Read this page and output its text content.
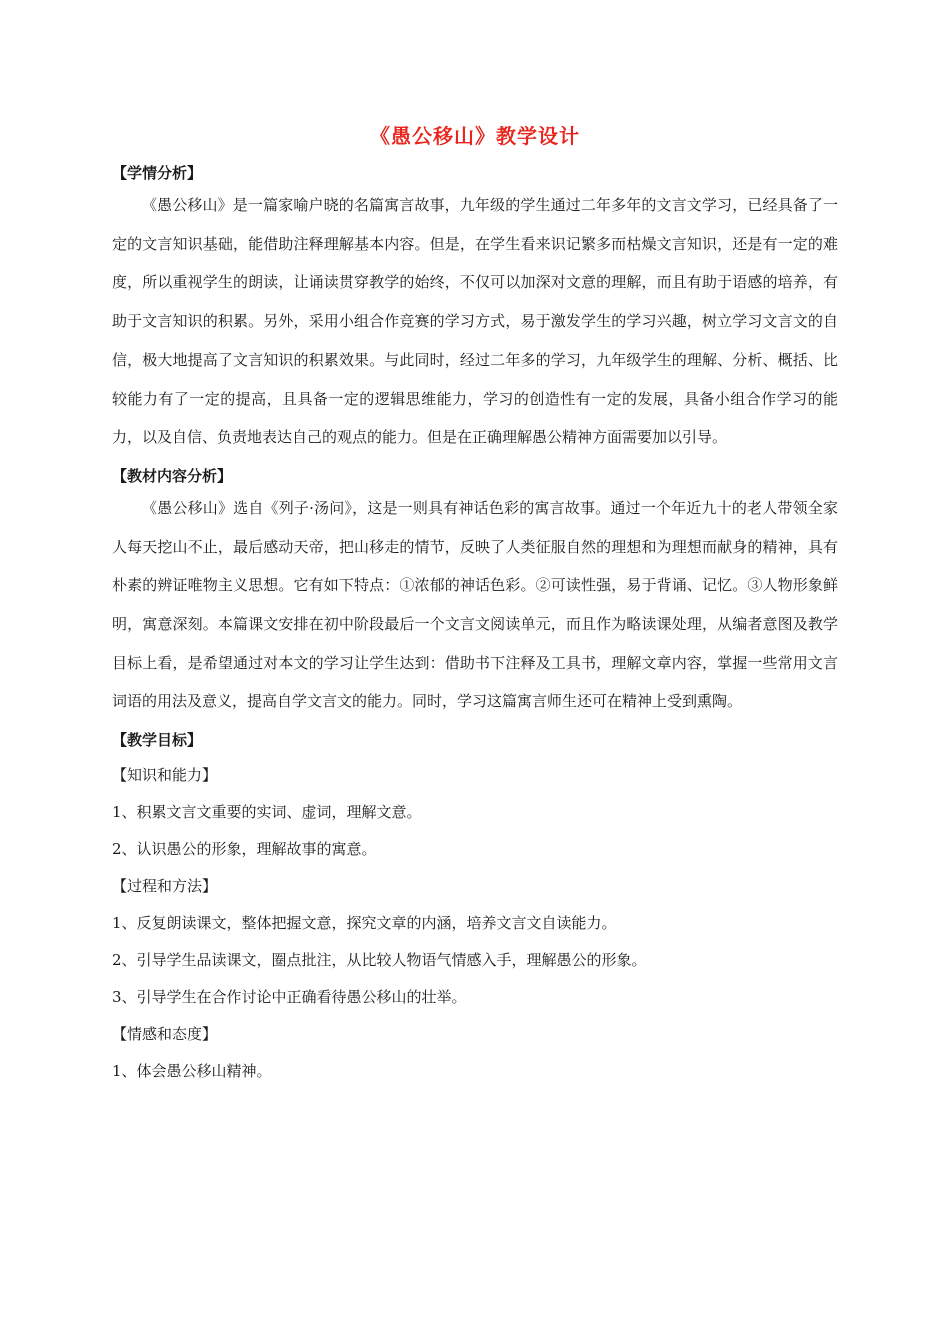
《愚公移山》教学设计
【学情分析】

《愚公移山》是一篇家喻户晓的名篇寓言故事，九年级的学生通过二年多年的文言文学习，已经具备了一定的文言知识基础，能借助注释理解基本内容。但是，在学生看来识记繁多而枯燥文言知识，还是有一定的难度，所以重视学生的朗读，让诵读贯穿教学的始终，不仅可以加深对文意的理解，而且有助于语感的培养，有助于文言知识的积累。另外，采用小组合作竞赛的学习方式，易于激发学生的学习兴趣，树立学习文言文的自信，极大地提高了文言知识的积累效果。与此同时，经过二年多的学习，九年级学生的理解、分析、概括、比较能力有了一定的提高，且具备一定的逻辑思维能力，学习的创造性有一定的发展，具备小组合作学习的能力，以及自信、负责地表达自己的观点的能力。但是在正确理解愚公精神方面需要加以引导。

【教材内容分析】

《愚公移山》选自《列子·汤问》，这是一则具有神话色彩的寓言故事。通过一个年近九十的老人带领全家人每天挖山不止，最后感动天帝，把山移走的情节，反映了人类征服自然的理想和为理想而献身的精神，具有朴素的辨证唯物主义思想。它有如下特点：①浓郁的神话色彩。②可读性强，易于背诵、记忆。③人物形象鲜明，寓意深刻。本篇课文安排在初中阶段最后一个文言文阅读单元，而且作为略读课处理，从编者意图及教学目标上看，是希望通过对本文的学习让学生达到：借助书下注释及工具书，理解文章内容，掌握一些常用文言词语的用法及意义，提高自学文言文的能力。同时，学习这篇寓言师生还可在精神上受到熏陶。

【教学目标】
【知识和能力】
1、积累文言文重要的实词、虚词，理解文意。
2、认识愚公的形象，理解故事的寓意。
【过程和方法】
1、反复朗读课文，整体把握文意，探究文章的内涵，培养文言文自读能力。
2、引导学生品读课文，圈点批注，从比较人物语气情感入手，理解愚公的形象。
3、引导学生在合作讨论中正确看待愚公移山的壮举。
【情感和态度】
1、体会愚公移山精神。
